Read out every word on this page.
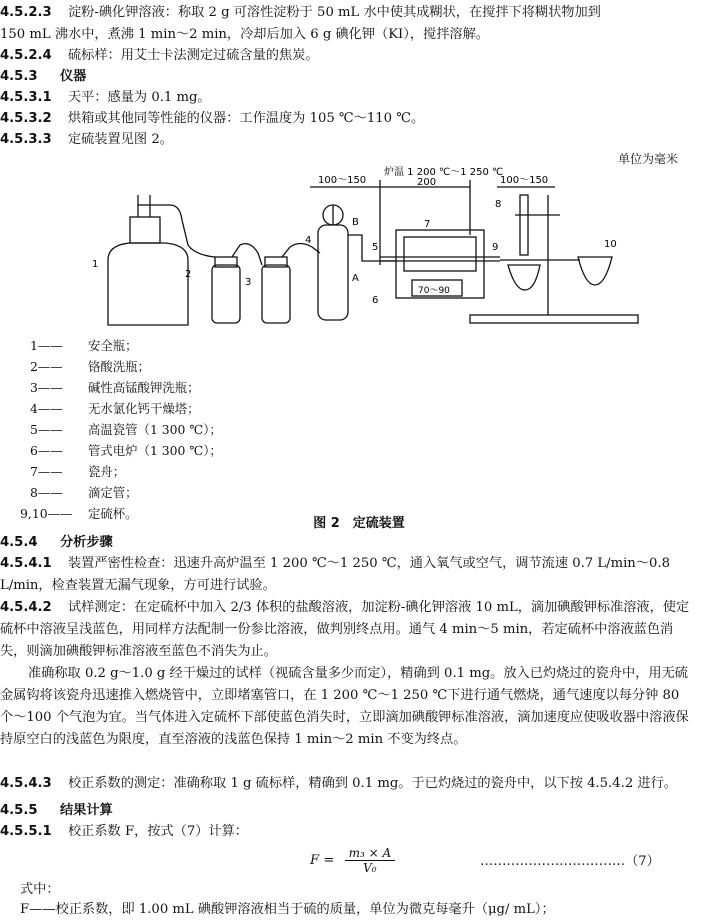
4.5.2.3 淀粉-碘化钾溶液：称取 2 g 可溶性淀粉于 50 mL 水中使其成糊状，在搅拌下将糊状物加到
150 mL 沸水中，煮沸 1 min～2 min，冷却后加入 6 g 碘化钾（KI），搅拌溶解。
4.5.2.4 硫标样：用艾士卡法测定过硫含量的焦炭。
4.5.3 仪器
4.5.3.1 天平：感量为 0.1 mg。
4.5.3.2 烘箱或其他同等性能的仪器：工作温度为 105 ℃～110 ℃。
4.5.3.3 定硫装置见图 2。
单位为毫米
100～150
炉温 1 200 ℃～1 250 ℃
200	100～150
70～90
1
2
3
4
5
6
7
8
9	10
A
B
1—— 安全瓶；
2—— 铬酸洗瓶；
3—— 碱性高锰酸钾洗瓶；
4—— 无水氯化钙干燥塔；
5—— 高温瓷管（1 300 ℃）；
6—— 管式电炉（1 300 ℃）；
7—— 瓷舟；
8—— 滴定管；
9,10—— 定硫杯。
图 2　定硫装置
4.5.4 分析步骤
4.5.4.1 装置严密性检查：迅速升高炉温至 1 200 ℃～1 250 ℃，通入氧气或空气，调节流速 0.7 L/min～0.8 L/min，检查装置无漏气现象，方可进行试验。
4.5.4.2 试样测定：在定硫杯中加入 2/3 体积的盐酸溶液，加淀粉-碘化钾溶液 10 mL，滴加碘酸钾标准溶液，使定硫杯中溶液呈浅蓝色，用同样方法配制一份参比溶液，做判别终点用。通气 4 min～5 min，若定硫杯中溶液蓝色消失，则滴加碘酸钾标准溶液至蓝色不消失为止。
准确称取 0.2 g～1.0 g 经干燥过的试样（视硫含量多少而定），精确到 0.1 mg。放入已灼烧过的瓷舟中，用无硫金属钩将该瓷舟迅速推入燃烧管中，立即堵塞管口，在 1 200 ℃～1 250 ℃下进行通气燃烧，通气速度以每分钟 80 个～100 个气泡为宜。当气体进入定硫杯下部使蓝色消失时，立即滴加碘酸钾标准溶液，滴加速度应使吸收器中溶液保持原空白的浅蓝色为限度，直至溶液的浅蓝色保持 1 min～2 min 不变为终点。
4.5.4.3 校正系数的测定：准确称取 1 g 硫标样，精确到 0.1 mg。于已灼烧过的瓷舟中，以下按 4.5.4.2 进行。
4.5.5 结果计算
4.5.5.1 校正系数 F，按式（7）计算：
$F = \frac{\text{m₃ × A}}{\text{V₀}}$	……………………………（7）
式中：
F——校正系数，即 1.00 mL 碘酸钾溶液相当于硫的质量，单位为微克每毫升（μg/ mL）；
